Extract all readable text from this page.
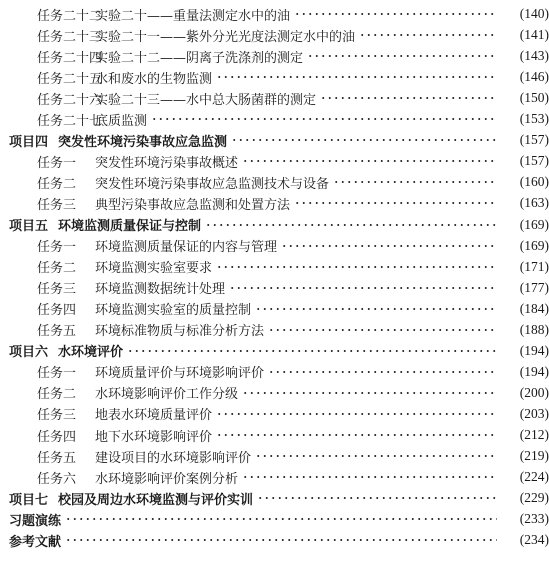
任务二十二实验二十——重量法测定水中的油	(140)
任务二十三实验二十一——紫外分光光度法测定水中的油	(141)
任务二十四实验二十二——阴离子洗涤剂的测定	(143)
任务二十五水和废水的生物监测	(146)
任务二十六实验二十三——水中总大肠菌群的测定	(150)
任务二十七底质监测	(153)
项目四 突发性环境污染事故应急监测	(157)
任务一 突发性环境污染事故概述	(157)
任务二 突发性环境污染事故应急监测技术与设备	(160)
任务三 典型污染事故应急监测和处置方法	(163)
项目五 环境监测质量保证与控制	(169)
任务一 环境监测质量保证的内容与管理	(169)
任务二 环境监测实验室要求	(171)
任务三 环境监测数据统计处理	(177)
任务四 环境监测实验室的质量控制	(184)
任务五 环境标准物质与标准分析方法	(188)
项目六 水环境评价	(194)
任务一 环境质量评价与环境影响评价	(194)
任务二 水环境影响评价工作分级	(200)
任务三 地表水环境质量评价	(203)
任务四 地下水环境影响评价	(212)
任务五 建设项目的水环境影响评价	(219)
任务六 水环境影响评价案例分析	(224)
项目七 校园及周边水环境监测与评价实训	(229)
习题演练	(233)
参考文献	(234)
